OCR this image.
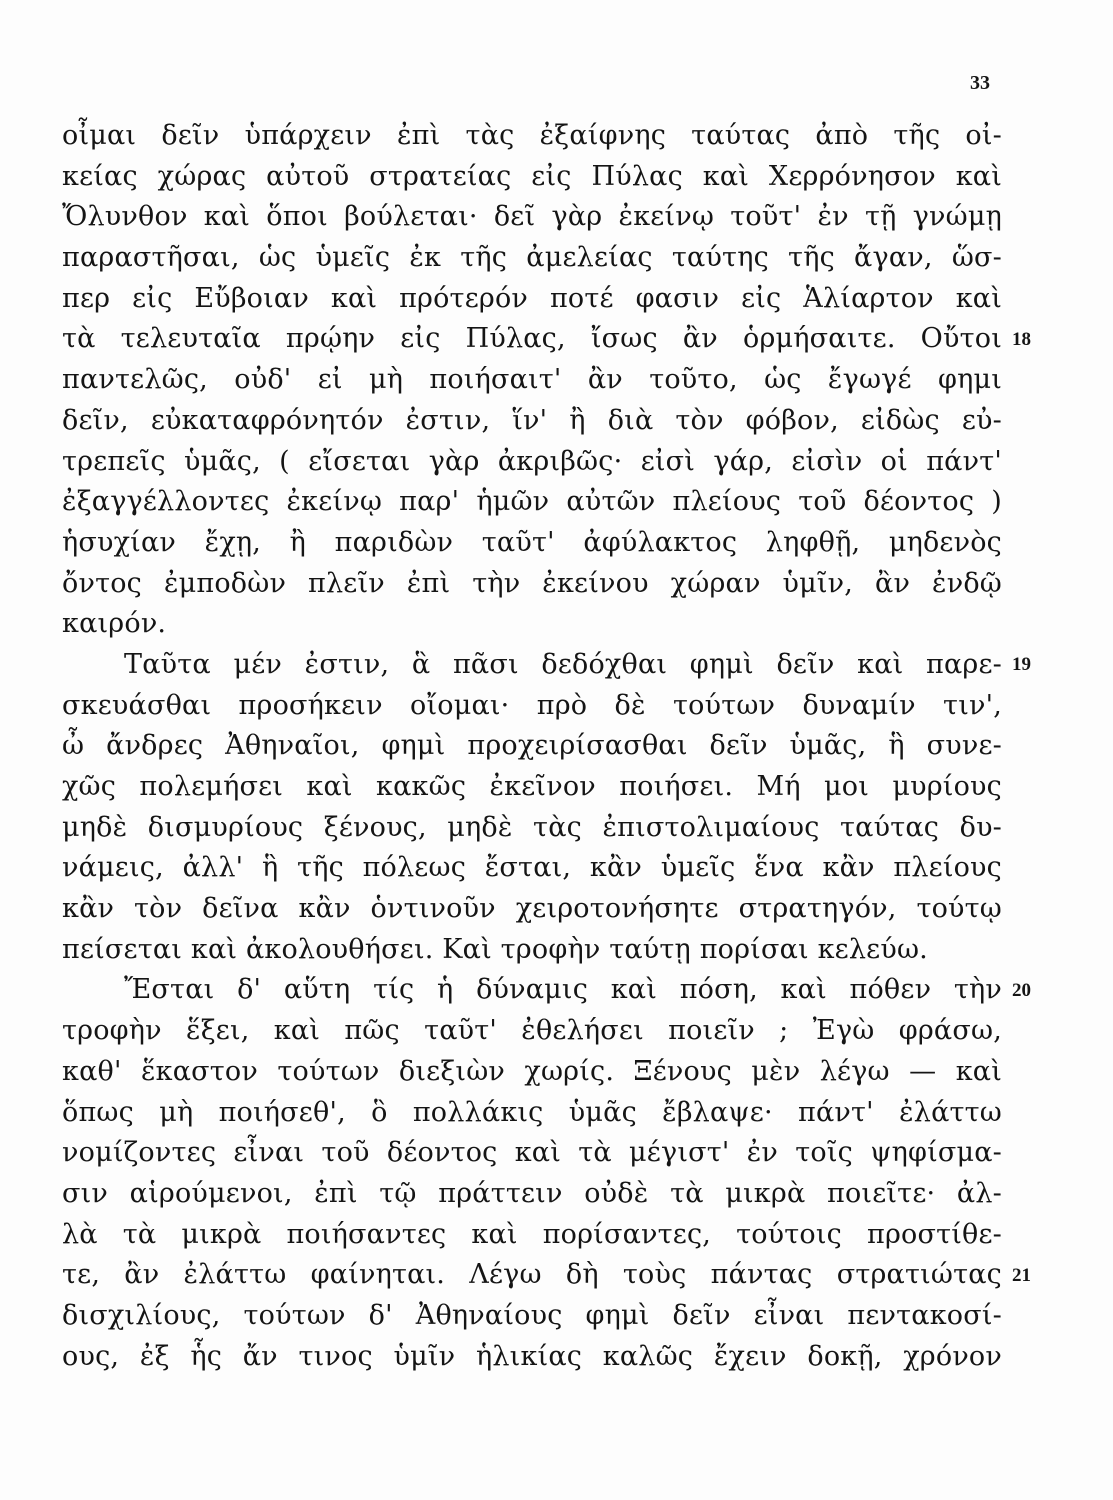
33
οἶμαι δεῖν ὑπάρχειν ἐπὶ τὰς ἐξαίφνης ταύτας ἀπὸ τῆς οἰ-
κείας χώρας αὐτοῦ στρατείας εἰς Πύλας καὶ Χερρόνησον καὶ
Ὄλυνθον καὶ ὅποι βούλεται· δεῖ γὰρ ἐκείνῳ τοῦτ' ἐν τῇ γνώμῃ
παραστῆσαι, ὡς ὑμεῖς ἐκ τῆς ἀμελείας ταύτης τῆς ἄγαν, ὥσ-
περ εἰς Εὔβοιαν καὶ πρότερόν ποτέ φασιν εἰς Ἁλίαρτον καὶ
τὰ τελευταῖα πρῴην εἰς Πύλας, ἴσως ἂν ὁρμήσαιτε. Οὔτοι
παντελῶς, οὐδ' εἰ μὴ ποιήσαιτ' ἂν τοῦτο, ὡς ἔγωγέ φημι
δεῖν, εὐκαταφρόνητόν ἐστιν, ἵν' ἢ διὰ τὸν φόβον, εἰδὼς εὐ-
τρεπεῖς ὑμᾶς, ( εἴσεται γὰρ ἀκριβῶς· εἰσὶ γάρ, εἰσὶν οἱ πάντ'
ἐξαγγέλλοντες ἐκείνῳ παρ' ἡμῶν αὐτῶν πλείους τοῦ δέοντος )
ἡσυχίαν ἔχῃ, ἢ παριδὼν ταῦτ' ἀφύλακτος ληφθῇ, μηδενὸς
ὄντος ἐμποδὼν πλεῖν ἐπὶ τὴν ἐκείνου χώραν ὑμῖν, ἂν ἐνδῷ
καιρόν.
Ταῦτα μέν ἐστιν, ἃ πᾶσι δεδόχθαι φημὶ δεῖν καὶ παρε-
σκευάσθαι προσήκειν οἴομαι· πρὸ δὲ τούτων δυναμίν τιν',
ὦ ἄνδρες Ἀθηναῖοι, φημὶ προχειρίσασθαι δεῖν ὑμᾶς, ἣ συνε-
χῶς πολεμήσει καὶ κακῶς ἐκεῖνον ποιήσει. Μή μοι μυρίους
μηδὲ δισμυρίους ξένους, μηδὲ τὰς ἐπιστολιμαίους ταύτας δυ-
νάμεις, ἀλλ' ἣ τῆς πόλεως ἔσται, κἂν ὑμεῖς ἕνα κἂν πλείους
κἂν τὸν δεῖνα κἂν ὁντινοῦν χειροτονήσητε στρατηγόν, τούτῳ
πείσεται καὶ ἀκολουθήσει. Καὶ τροφὴν ταύτῃ πορίσαι κελεύω.
Ἔσται δ' αὕτη τίς ἡ δύναμις καὶ πόση, καὶ πόθεν τὴν
τροφὴν ἕξει, καὶ πῶς ταῦτ' ἐθελήσει ποιεῖν ; Ἐγὼ φράσω,
καθ' ἕκαστον τούτων διεξιὼν χωρίς. Ξένους μὲν λέγω — καὶ
ὅπως μὴ ποιήσεθ', ὃ πολλάκις ὑμᾶς ἔβλαψε· πάντ' ἐλάττω
νομίζοντες εἶναι τοῦ δέοντος καὶ τὰ μέγιστ' ἐν τοῖς ψηφίσμα-
σιν αἱρούμενοι, ἐπὶ τῷ πράττειν οὐδὲ τὰ μικρὰ ποιεῖτε· ἀλ-
λὰ τὰ μικρὰ ποιήσαντες καὶ πορίσαντες, τούτοις προστίθε-
τε, ἂν ἐλάττω φαίνηται. Λέγω δὴ τοὺς πάντας στρατιώτας
δισχιλίους, τούτων δ' Ἀθηναίους φημὶ δεῖν εἶναι πεντακοσί-
ους, ἐξ ἧς ἄν τινος ὑμῖν ἡλικίας καλῶς ἔχειν δοκῇ, χρόνον
18
19
20
21
